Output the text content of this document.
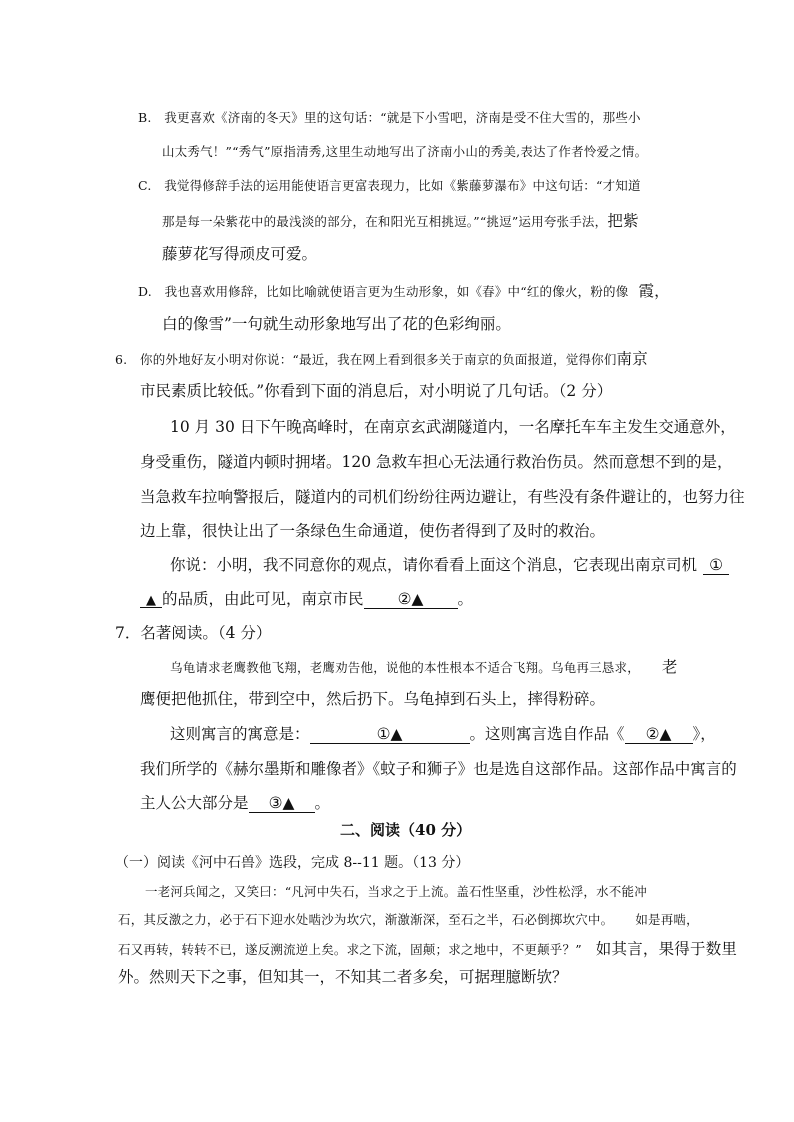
B.　我更喜欢《济南的冬天》里的这句话：“就是下小雪吧，济南是受不住大雪的，那些小
山太秀气！”“秀气”原指清秀,这里生动地写出了济南小山的秀美,表达了作者怜爱之情。
C.　我觉得修辞手法的运用能使语言更富表现力，比如《紫藤萝瀑布》中这句话：“才知道
那是每一朵紫花中的最浅淡的部分，在和阳光互相挑逗。”“挑逗”运用夸张手法，把紫
藤萝花写得顽皮可爱。
D.　我也喜欢用修辞，比如比喻就使语言更为生动形象，如《春》中“红的像火，粉的像 霞，
白的像雪”一句就生动形象地写出了花的色彩绚丽。
6.　你的外地好友小明对你说：“最近，我在网上看到很多关于南京的负面报道，觉得你们南京
市民素质比较低。”你看到下面的消息后，对小明说了几句话。（2 分）
10 月 30 日下午晚高峰时，在南京玄武湖隧道内，一名摩托车车主发生交通意外，
身受重伤，隧道内顿时拥堵。120 急救车担心无法通行救治伤员。然而意想不到的是，
当急救车拉响警报后，隧道内的司机们纷纷往两边避让，有些没有条件避让的，也努力往
边上靠，很快让出了一条绿色生命通道，使伤者得到了及时的救治。
你说：小明，我不同意你的观点，请你看看上面这个消息，它表现出南京司机 ①
▲ 的品质，由此可见，南京市民 ②▲ 。
7．名著阅读。（4 分）
乌龟请求老鹰教他飞翔，老鹰劝告他，说他的本性根本不适合飞翔。乌龟再三恳求， 老
鹰便把他抓住，带到空中，然后扔下。乌龟掉到石头上，摔得粉碎。
这则寓言的寓意是：	①▲	。这则寓言选自作品《 ②▲ 》，
我们所学的《赫尔墨斯和雕像者》《蚊子和狮子》也是选自这部作品。这部作品中寓言的
主人公大部分是 ③▲ 。
二、阅读（40 分）
（一）阅读《河中石兽》选段，完成 8--11 题。（13 分）
一老河兵闻之，又笑曰：“凡河中失石，当求之于上流。盖石性坚重，沙性松浮，水不能冲
石，其反激之力，必于石下迎水处啮沙为坎穴，渐激渐深，至石之半，石必倒掷坎穴中。 如是再啮，
石又再转，转转不已，遂反溯流逆上矣。求之下流，固颠；求之地中，不更颠乎？” 如其言，果得于数里
外。然则天下之事，但知其一，不知其二者多矣，可据理臆断欤？
